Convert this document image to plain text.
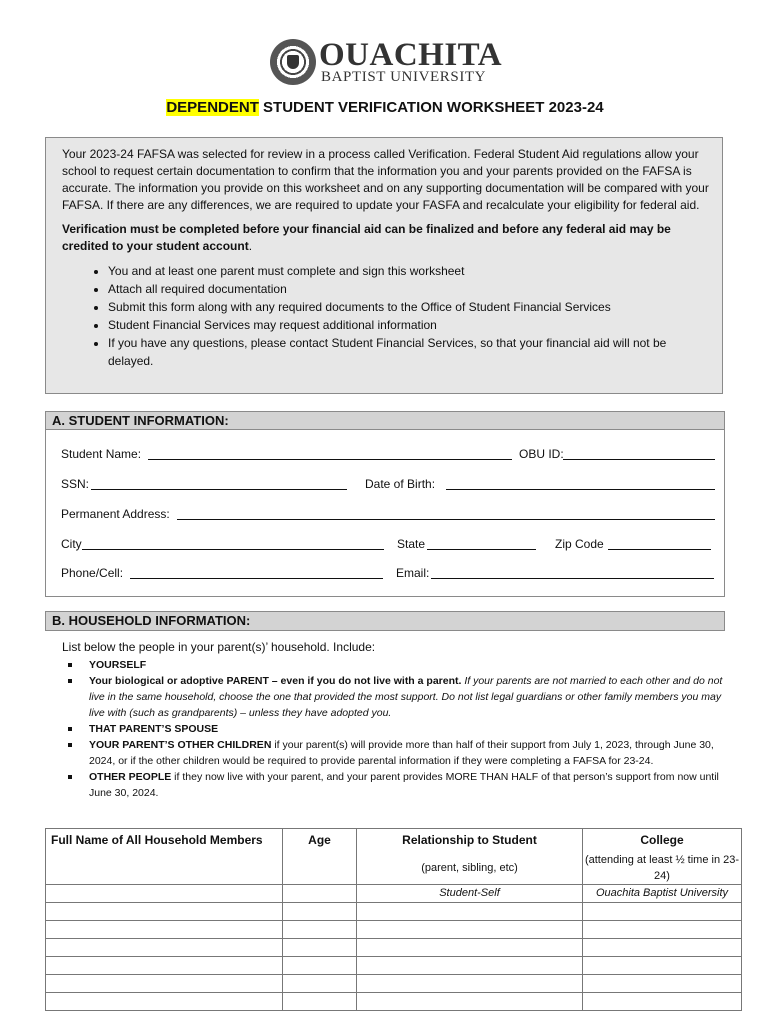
OUACHITA
BAPTIST UNIVERSITY
DEPENDENT STUDENT VERIFICATION WORKSHEET 2023-24

Your 2023-24 FAFSA was selected for review in a process called Verification. Federal Student Aid regulations allow your school to request certain documentation to confirm that the information you and your parents provided on the FAFSA is accurate. The information you provide on this worksheet and on any supporting documentation will be compared with your FAFSA. If there are any differences, we are required to update your FASFA and recalculate your eligibility for federal aid.

Verification must be completed before your financial aid can be finalized and before any federal aid may be credited to your student account.

• You and at least one parent must complete and sign this worksheet
• Attach all required documentation
• Submit this form along with any required documents to the Office of Student Financial Services
• Student Financial Services may request additional information
• If you have any questions, please contact Student Financial Services, so that your financial aid will not be delayed.
A. STUDENT INFORMATION:
Student Name:	OBU ID:
SSN:	Date of Birth:
Permanent Address:
City	State	Zip Code
Phone/Cell:	Email:
B. HOUSEHOLD INFORMATION:
List below the people in your parent(s)’ household. Include:
YOURSELF
Your biological or adoptive PARENT – even if you do not live with a parent. If your parents are not married to each other and do not live in the same household, choose the one that provided the most support. Do not list legal guardians or other family members you may live with (such as grandparents) – unless they have adopted you.
THAT PARENT’S SPOUSE
YOUR PARENT’S OTHER CHILDREN if your parent(s) will provide more than half of their support from July 1, 2023, through June 30, 2024, or if the other children would be required to provide parental information if they were completing a FAFSA for 23-24.
OTHER PEOPLE if they now live with your parent, and your parent provides MORE THAN HALF of that person’s support from now until June 30, 2024.
Full Name of All Household Members	Age	Relationship to Student	College
		(parent, sibling, etc)	(attending at least ½ time in 23-24)
		Student-Self	Ouachita Baptist University
